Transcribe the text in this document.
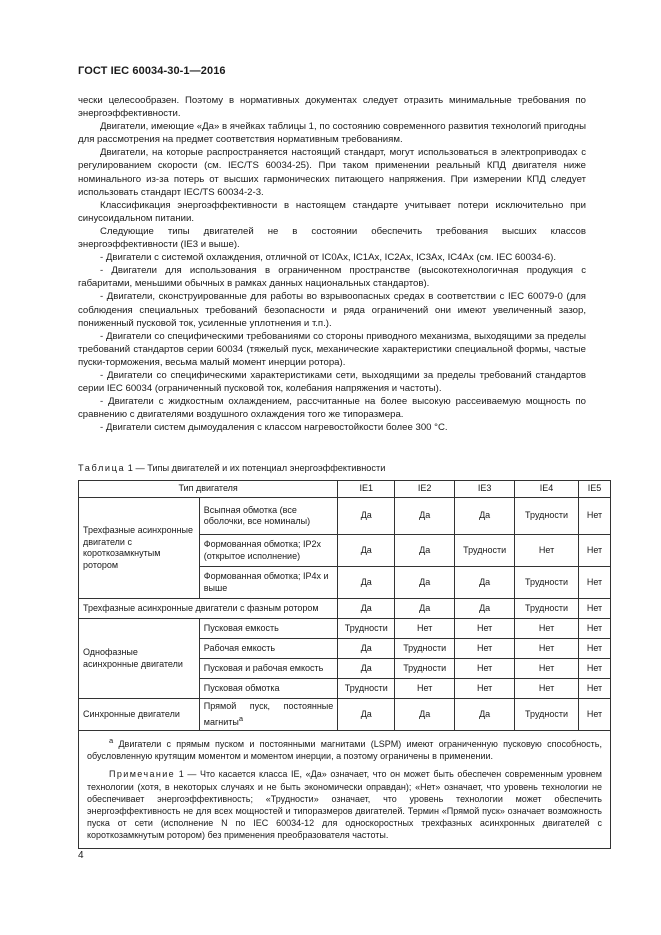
ГОСТ IEC 60034-30-1—2016

чески целесообразен. Поэтому в нормативных документах следует отразить минимальные требования по энергоэффективности.

Двигатели, имеющие «Да» в ячейках таблицы 1, по состоянию современного развития технологий пригодны для рассмотрения на предмет соответствия нормативным требованиям.

Двигатели, на которые распространяется настоящий стандарт, могут использоваться в электроприводах с регулированием скорости (см. IEC/TS 60034-25). При таком применении реальный КПД двигателя ниже номинального из-за потерь от высших гармонических питающего напряжения. При измерении КПД следует использовать стандарт IEC/TS 60034-2-3.

Классификация энергоэффективности в настоящем стандарте учитывает потери исключительно при синусоидальном питании.

Следующие типы двигателей не в состоянии обеспечить требования высших классов энергоэффективности (IE3 и выше).

- Двигатели с системой охлаждения, отличной от IC0Ax, IC1Ax, IC2Ax, IC3Ax, IC4Ax (см. IEC 60034-6).

- Двигатели для использования в ограниченном пространстве (высокотехнологичная продукция с габаритами, меньшими обычных в рамках данных национальных стандартов).

- Двигатели, сконструированные для работы во взрывоопасных средах в соответствии с IEC 60079-0 (для соблюдения специальных требований безопасности и ряда ограничений они имеют увеличенный зазор, пониженный пусковой ток, усиленные уплотнения и т.п.).

- Двигатели со специфическими требованиями со стороны приводного механизма, выходящими за пределы требований стандартов серии 60034 (тяжелый пуск, механические характеристики специальной формы, частые пуски-торможения, весьма малый момент инерции ротора).

- Двигатели со специфическими характеристиками сети, выходящими за пределы требований стандартов серии IEC 60034 (ограниченный пусковой ток, колебания напряжения и частоты).

- Двигатели с жидкостным охлаждением, рассчитанные на более высокую рассеиваемую мощность по сравнению с двигателями воздушного охлаждения того же типоразмера.

- Двигатели систем дымоудаления с классом нагревостойкости более 300 °С.

Таблица 1 — Типы двигателей и их потенциал энергоэффективности
Тип двигателя		IE1	IE2	IE3	IE4	IE5
Трехфазные асинхронные двигатели с короткозамкнутым ротором	Всыпная обмотка (все оболочки, все номиналы)	Да	Да	Да	Трудности	Нет
	Формованная обмотка; IP2x (открытое исполнение)	Да	Да	Трудности	Нет	Нет
	Формованная обмотка; IP4x и выше	Да	Да	Да	Трудности	Нет
Трехфазные асинхронные двигатели с фазным ротором		Да	Да	Да	Трудности	Нет
Однофазные асинхронные двигатели	Пусковая емкость	Трудности	Нет	Нет	Нет	Нет
	Рабочая емкость	Да	Трудности	Нет	Нет	Нет
	Пусковая и рабочая емкость	Да	Трудности	Нет	Нет	Нет
	Пусковая обмотка	Трудности	Нет	Нет	Нет	Нет
Синхронные двигатели	Прямой пуск, постоянные магниты$^а$	Да	Да	Да	Трудности	Нет

$^а$ Двигатели с прямым пуском и постоянными магнитами (LSPM) имеют ограниченную пусковую способность, обусловленную крутящим моментом и моментом инерции, а поэтому ограничены в применении.

Примечание 1 — Что касается класса IE, «Да» означает, что он может быть обеспечен современным уровнем технологии (хотя, в некоторых случаях и не быть экономически оправдан); «Нет» означает, что уровень технологии не обеспечивает энергоэффективность; «Трудности» означает, что уровень технологии может обеспечить энергоэффективность не для всех мощностей и типоразмеров двигателей. Термин «Прямой пуск» означает возможность пуска от сети (исполнение N по IEC 60034-12 для односкоростных трехфазных асинхронных двигателей с короткозамкнутым ротором) без применения преобразователя частоты.						

4
